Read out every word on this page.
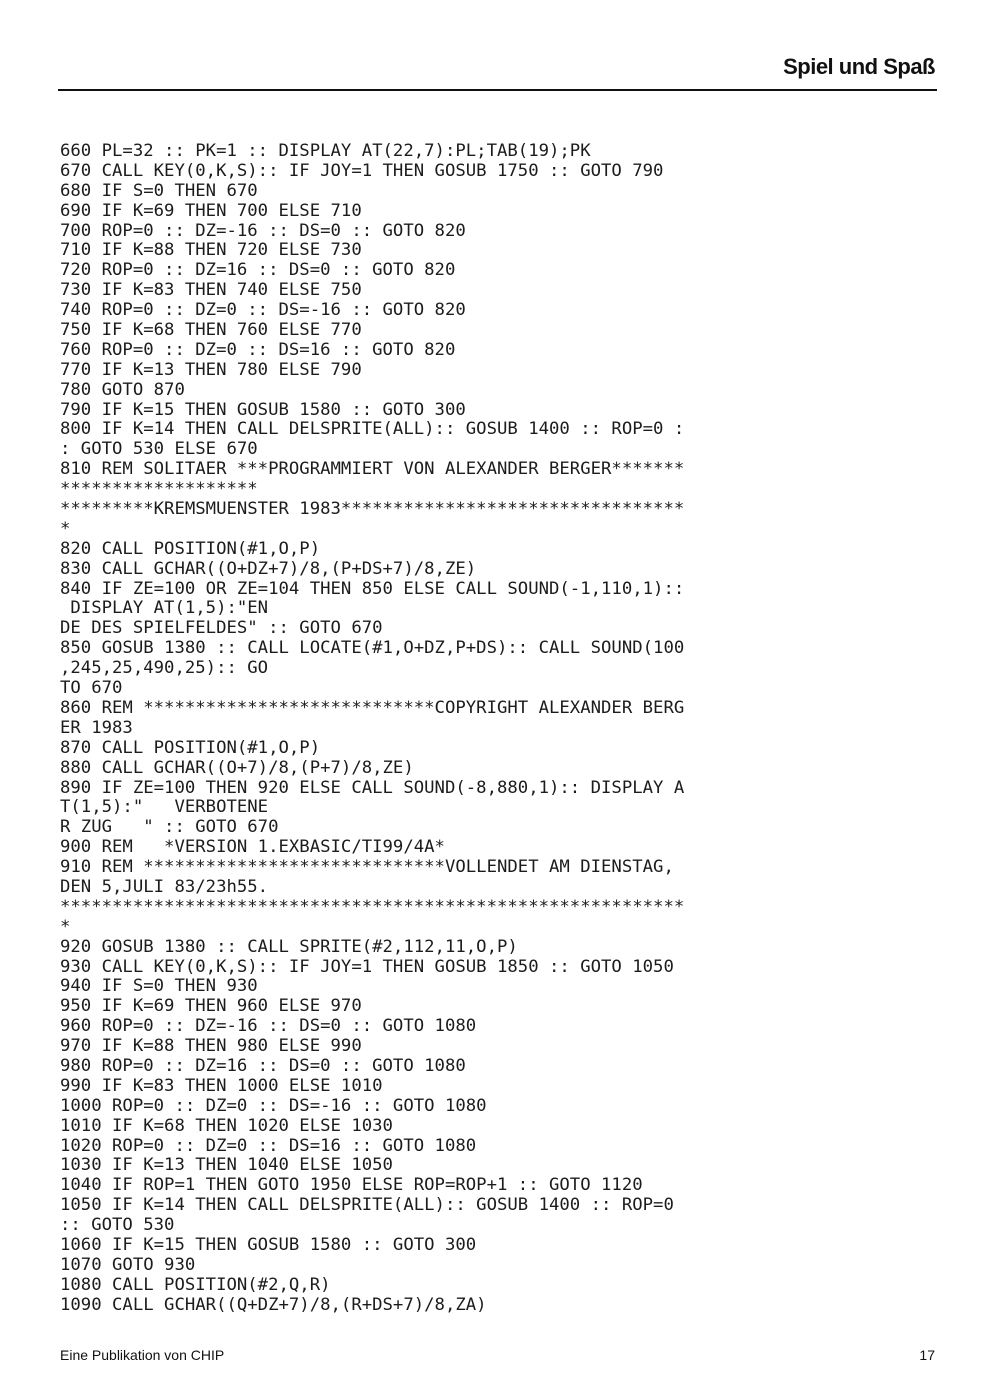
Spiel und Spaß
660 PL=32 :: PK=1 :: DISPLAY AT(22,7):PL;TAB(19);PK
670 CALL KEY(0,K,S):: IF JOY=1 THEN GOSUB 1750 :: GOTO 790
680 IF S=0 THEN 670
690 IF K=69 THEN 700 ELSE 710
700 ROP=0 :: DZ=-16 :: DS=0 :: GOTO 820
710 IF K=88 THEN 720 ELSE 730
720 ROP=0 :: DZ=16 :: DS=0 :: GOTO 820
730 IF K=83 THEN 740 ELSE 750
740 ROP=0 :: DZ=0 :: DS=-16 :: GOTO 820
750 IF K=68 THEN 760 ELSE 770
760 ROP=0 :: DZ=0 :: DS=16 :: GOTO 820
770 IF K=13 THEN 780 ELSE 790
780 GOTO 870
790 IF K=15 THEN GOSUB 1580 :: GOTO 300
800 IF K=14 THEN CALL DELSPRITE(ALL):: GOSUB 1400 :: ROP=0 :
: GOTO 530 ELSE 670
810 REM SOLITAER ***PROGRAMMIERT VON ALEXANDER BERGER*******
*******************
*********KREMSMUENSTER 1983*********************************
*
820 CALL POSITION(#1,O,P)
830 CALL GCHAR((O+DZ+7)/8,(P+DS+7)/8,ZE)
840 IF ZE=100 OR ZE=104 THEN 850 ELSE CALL SOUND(-1,110,1)::
DISPLAY AT(1,5):"EN
DE DES SPIELFELDES" :: GOTO 670
850 GOSUB 1380 :: CALL LOCATE(#1,O+DZ,P+DS):: CALL SOUND(100
,245,25,490,25):: GO
TO 670
860 REM ****************************COPYRIGHT ALEXANDER BERG
ER 1983
870 CALL POSITION(#1,O,P)
880 CALL GCHAR((O+7)/8,(P+7)/8,ZE)
890 IF ZE=100 THEN 920 ELSE CALL SOUND(-8,880,1):: DISPLAY A
T(1,5):"   VERBOTENE
R ZUG   " :: GOTO 670
900 REM   *VERSION 1.EXBASIC/TI99/4A*
910 REM *****************************VOLLENDET AM DIENSTAG,
DEN 5,JULI 83/23h55.
************************************************************
*
920 GOSUB 1380 :: CALL SPRITE(#2,112,11,O,P)
930 CALL KEY(0,K,S):: IF JOY=1 THEN GOSUB 1850 :: GOTO 1050
940 IF S=0 THEN 930
950 IF K=69 THEN 960 ELSE 970
960 ROP=0 :: DZ=-16 :: DS=0 :: GOTO 1080
970 IF K=88 THEN 980 ELSE 990
980 ROP=0 :: DZ=16 :: DS=0 :: GOTO 1080
990 IF K=83 THEN 1000 ELSE 1010
1000 ROP=0 :: DZ=0 :: DS=-16 :: GOTO 1080
1010 IF K=68 THEN 1020 ELSE 1030
1020 ROP=0 :: DZ=0 :: DS=16 :: GOTO 1080
1030 IF K=13 THEN 1040 ELSE 1050
1040 IF ROP=1 THEN GOTO 1950 ELSE ROP=ROP+1 :: GOTO 1120
1050 IF K=14 THEN CALL DELSPRITE(ALL):: GOSUB 1400 :: ROP=0
:: GOTO 530
1060 IF K=15 THEN GOSUB 1580 :: GOTO 300
1070 GOTO 930
1080 CALL POSITION(#2,Q,R)
1090 CALL GCHAR((Q+DZ+7)/8,(R+DS+7)/8,ZA)
Eine Publikation von CHIP	17
